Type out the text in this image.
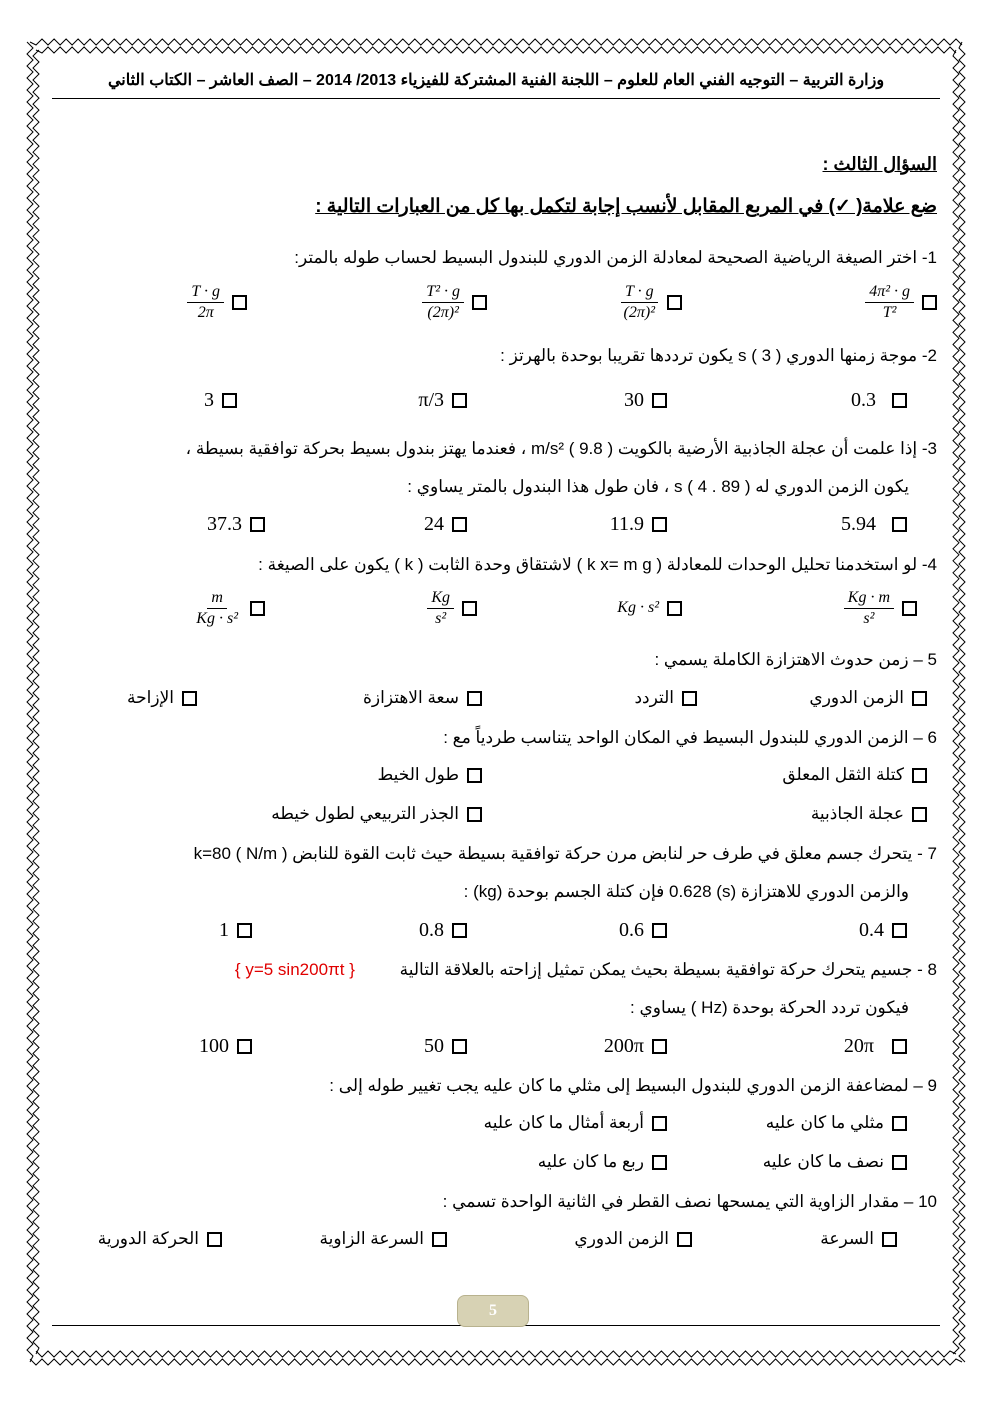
وزارة التربية – التوجيه الفني العام للعلوم – اللجنة الفنية المشتركة للفيزياء 2013/ 2014 – الصف العاشر – الكتاب الثاني
السؤال الثالث :
ضع علامة( ✓) في المربع المقابل لأنسب إجابة لتكمل بها كل من العبارات التالية :
1- اختر الصيغة الرياضية الصحيحة لمعادلة الزمن الدوري للبندول البسيط لحساب طوله بالمتر:
$\frac{\text{4π² · g}}{\text{T²}}$
$\frac{T \cdot g}{\text{(2π)²}}$
$\frac{\text{T² · g}}{\text{(2π)²}}$
$\frac{T \cdot g}{2\pi}$
2- موجة زمنها الدوري s ( 3 ) يكون ترددها تقريبا بوحدة بالهرتز :
0.3
30
π/3
3
3- إذا علمت أن عجلة الجاذبية الأرضية بالكويت m/s² ( 9.8 ) ، فعندما يهتز بندول بسيط بحركة توافقية بسيطة ،
يكون الزمن الدوري له s ( 4 . 89 ) ، فان طول هذا البندول بالمتر يساوي :
5.94
11.9
24
37.3
4- لو استخدمنا تحليل الوحدات للمعادلة ( k x= m g ) لاشتقاق وحدة الثابت ( k ) يكون على الصيغة :
$\frac{Kg \cdot m}{\text{s²}}$
Kg · s²
$\frac{Kg}{\text{s²}}$
$\frac{m}{\text{Kg · s²}}$
5 – زمن حدوث الاهتزازة الكاملة يسمي :
الزمن الدوري
التردد
سعة الاهتزازة
الإزاحة
6 – الزمن الدوري للبندول البسيط في المكان الواحد يتناسب طردياً مع :
كتلة الثقل المعلق
طول الخيط
عجلة الجاذبية
الجذر التربيعي لطول خيطه
7 - يتحرك جسم معلق في طرف حر لنابض مرن حركة توافقية بسيطة حيث ثابت القوة للنابض k=80 ( N/m )
والزمن الدوري للاهتزازة (s) 0.628 فإن كتلة الجسم بوحدة (kg) :
0.4
0.6
0.8
1
8 - جسيم يتحرك حركة توافقية بسيطة بحيث يمكن تمثيل إزاحته بالعلاقة التالية { y=5 sin200πt }
فيكون تردد الحركة بوحدة (Hz ) يساوي :
20π
200π
50
100
9 – لمضاعفة الزمن الدوري للبندول البسيط إلى مثلي ما كان عليه يجب تغيير طوله إلى :
مثلي ما كان عليه
أربعة أمثال ما كان عليه
نصف ما كان عليه
ربع ما كان عليه
10 – مقدار الزاوية التي يمسحها نصف القطر في الثانية الواحدة تسمي :
السرعة
الزمن الدوري
السرعة الزاوية
الحركة الدورية
5
